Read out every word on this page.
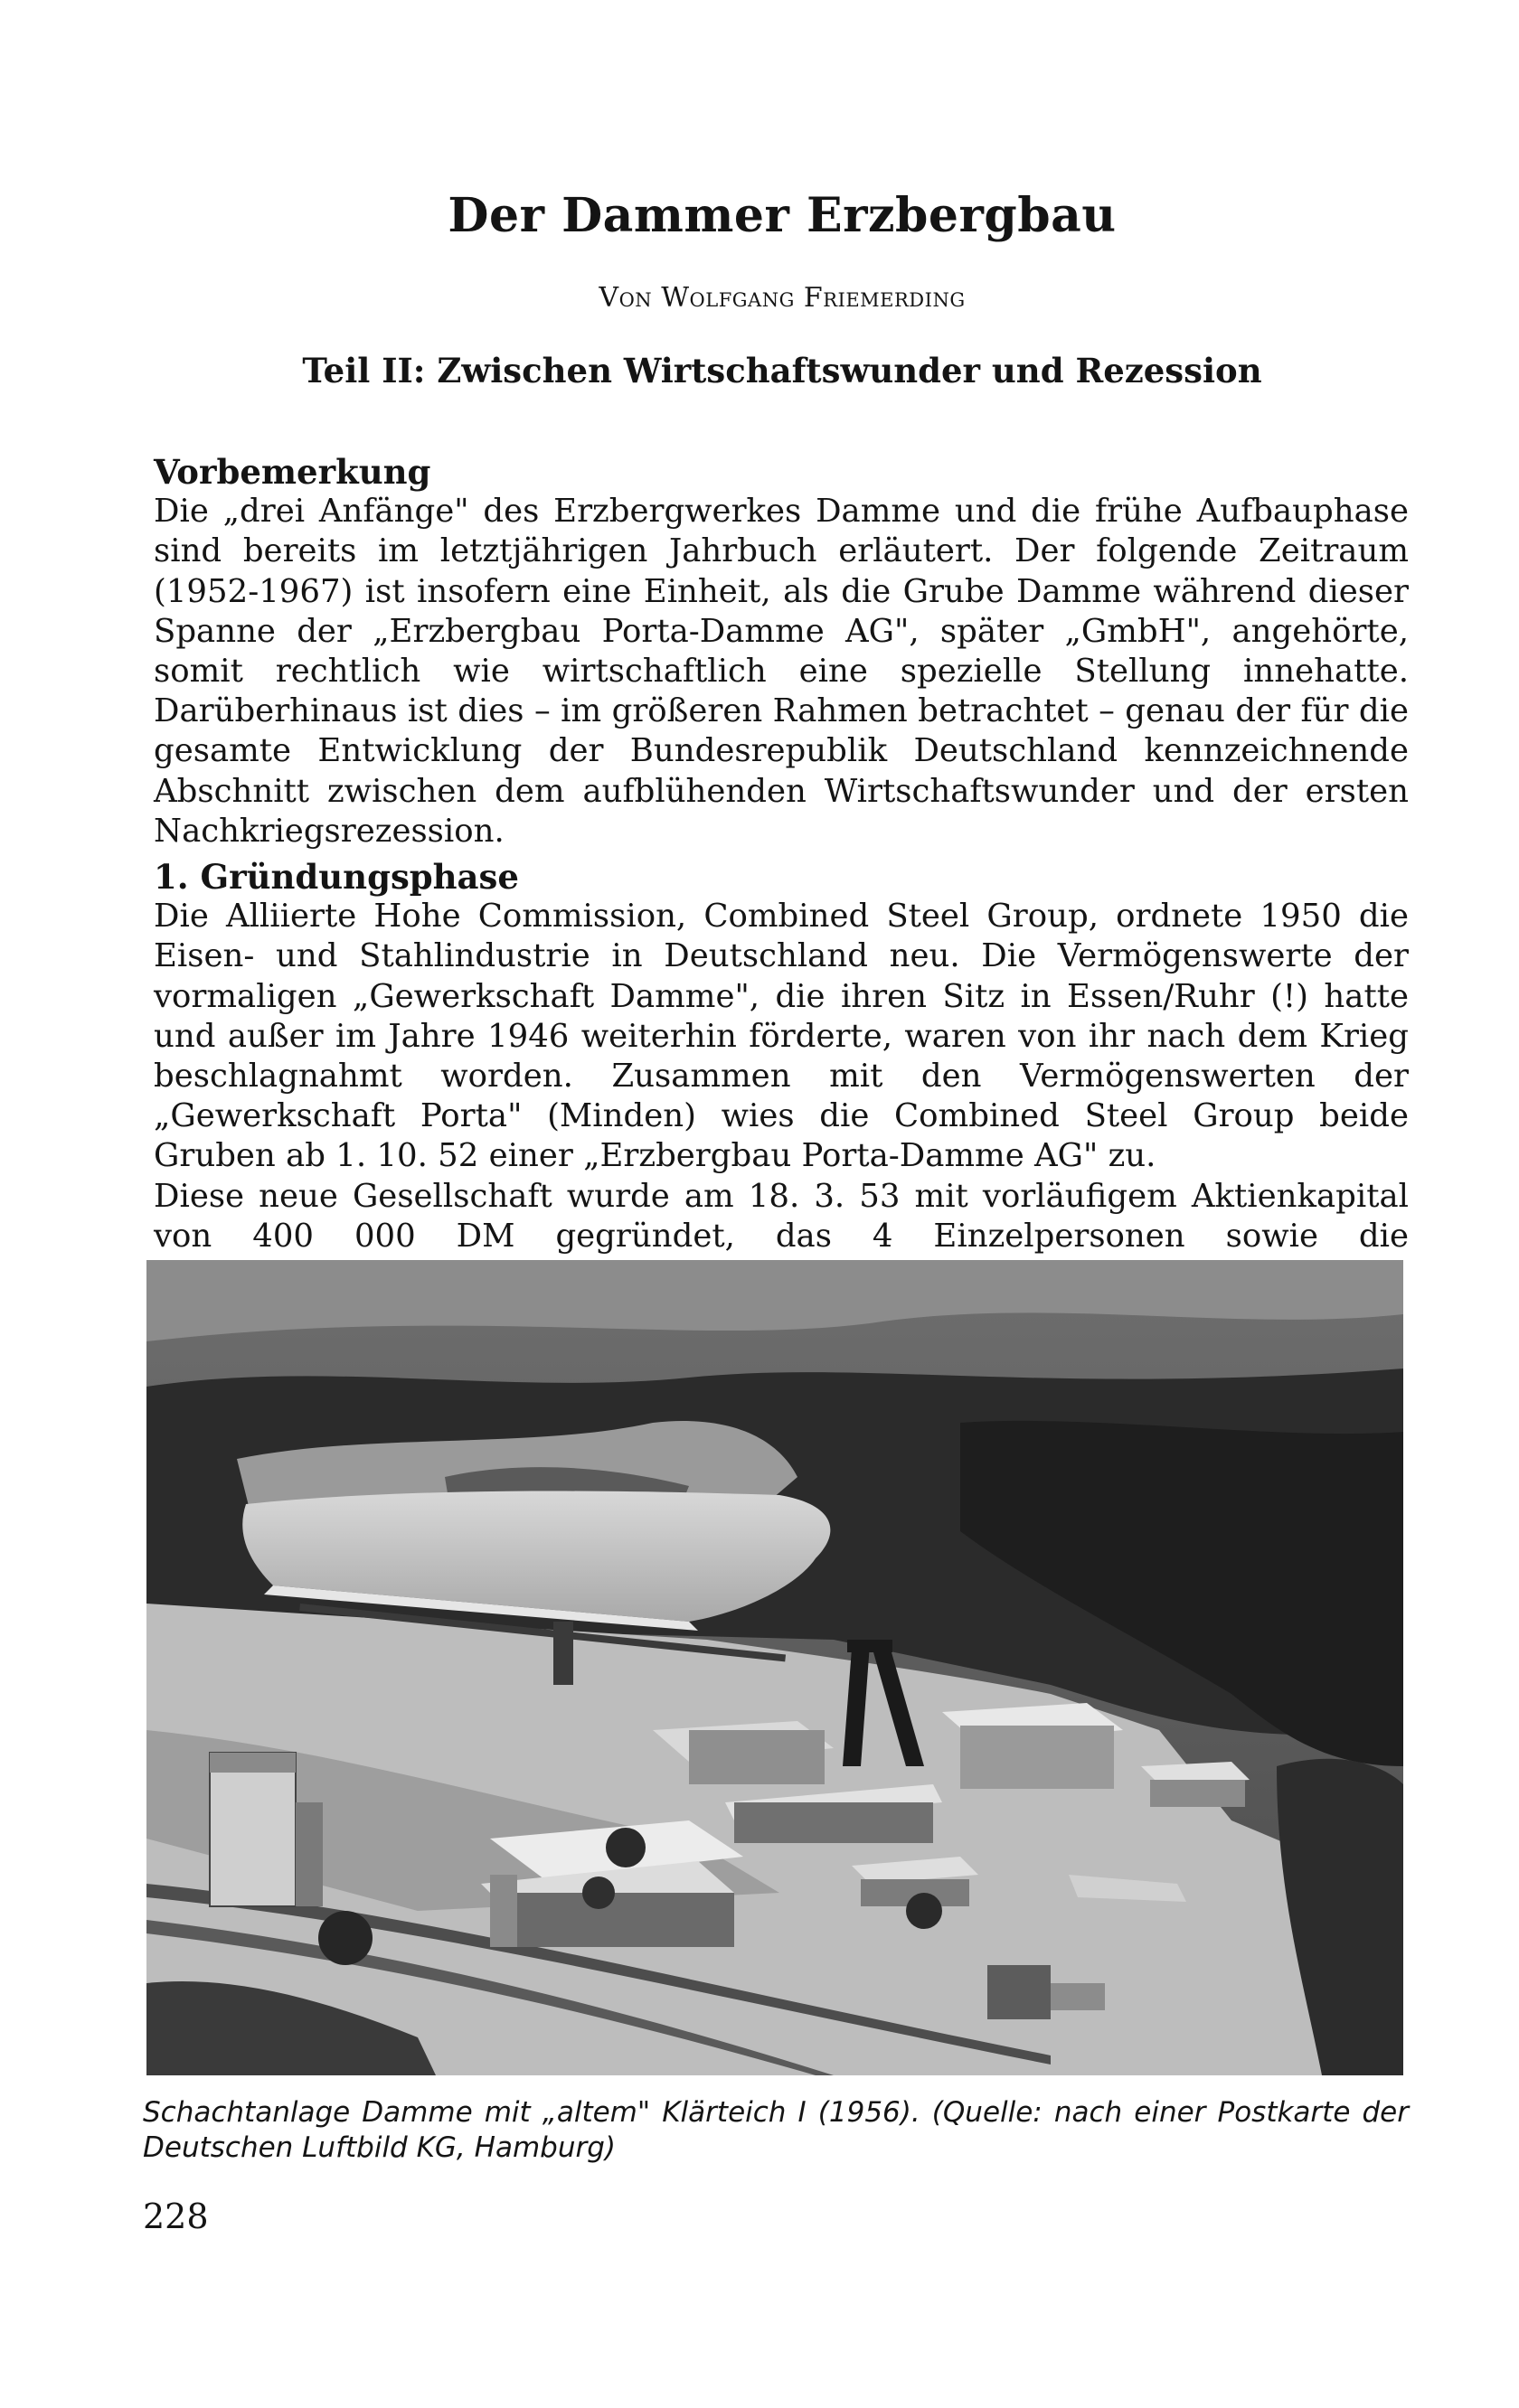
Der Dammer Erzbergbau
Von Wolfgang Friemerding
Teil II: Zwischen Wirtschaftswunder und Rezession
Vorbemerkung

Die „drei Anfänge" des Erzbergwerkes Damme und die frühe Aufbauphase sind bereits im letztjährigen Jahrbuch erläutert. Der folgende Zeitraum (1952-1967) ist insofern eine Einheit, als die Grube Damme während dieser Spanne der „Erzbergbau Porta-Damme AG", später „GmbH", angehörte, somit rechtlich wie wirtschaftlich eine spezielle Stellung innehatte. Darüberhinaus ist dies – im größeren Rahmen betrachtet – genau der für die gesamte Entwicklung der Bundesrepublik Deutschland kennzeichnende Abschnitt zwischen dem aufblühenden Wirtschaftswunder und der ersten Nachkriegsrezession.

1. Gründungsphase

Die Alliierte Hohe Commission, Combined Steel Group, ordnete 1950 die Eisen- und Stahlindustrie in Deutschland neu. Die Vermögenswerte der vormaligen „Gewerkschaft Damme", die ihren Sitz in Essen/Ruhr (!) hatte und außer im Jahre 1946 weiterhin förderte, waren von ihr nach dem Krieg beschlagnahmt worden. Zusammen mit den Vermögenswerten der „Gewerkschaft Porta" (Minden) wies die Combined Steel Group beide Gruben ab 1. 10. 52 einer „Erzbergbau Porta-Damme AG" zu.

Diese neue Gesellschaft wurde am 18. 3. 53 mit vorläufigem Aktienkapital von 400 000 DM gegründet, das 4 Einzelpersonen sowie die

Schachtanlage Damme mit „altem" Klärteich I (1956). (Quelle: nach einer Postkarte der Deutschen Luftbild KG, Hamburg)
228
